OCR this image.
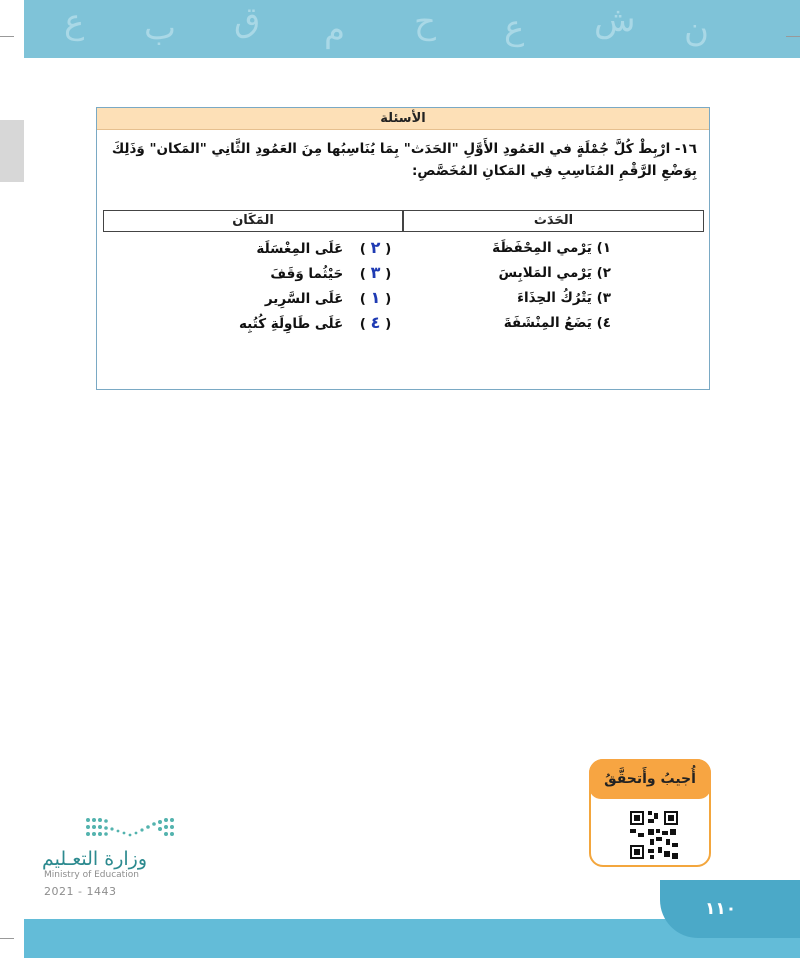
ع ب ق م ح ع ش ن
الأسئلة
١٦- ارْبِطْ كُلَّ جُمْلَةٍ في العَمُودِ الأَوَّلِ "الحَدَث" بِمَا يُنَاسِبُها مِنَ العَمُودِ الثَّانِي "المَكان" وَذَلِكَ بِوَضْعِ الرَّقْمِ المُنَاسِبِ فِي المَكانِ المُخَصَّصِ:
الحَدَث
المَكَان
١) يَرْمي المِحْفَظَةَ
٢) يَرْمي المَلابِسَ
٣) يَتْرُكُ الحِذَاءَ
٤) يَضَعُ المِنْشَفَةَ
( ٢ ) عَلَى المِغْسَلَة
( ٣ ) حَيْثُما وَقَفَ
( ١ ) عَلَى السَّرِير
( ٤ ) عَلَى طَاوِلَةِ كُتُبِه
أُجيبُ وأَتحقَّقُ
وزارة التعـليم
Ministry of Education
2021 - 1443
١١٠
